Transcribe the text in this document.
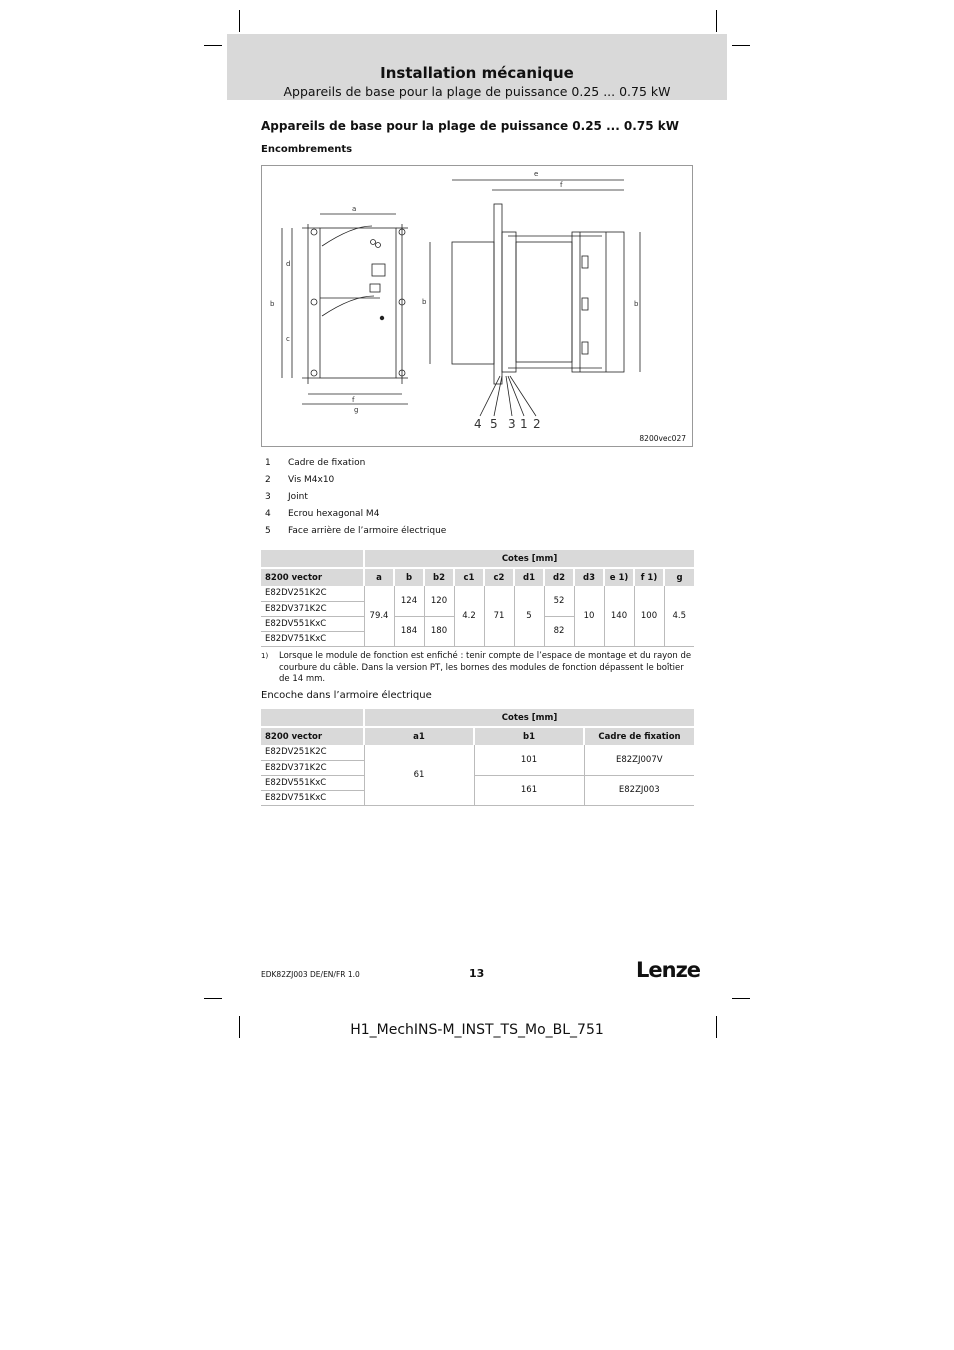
Installation mécanique
Appareils de base pour la plage de puissance 0.25 ... 0.75 kW
Appareils de base pour la plage de puissance 0.25 ... 0.75 kW
Encombrements
a
b
d
c
f
g
e
f
b	b
4 5 3 1 2
8200vec027
1 Cadre de fixation
2 Vis M4x10
3 Joint
4 Ecrou hexagonal M4
5 Face arrière de l’armoire électrique
	Cotes [mm]										
8200 vector	a	b	b2	c1	c2	d1	d2	d3	e 1)	f 1)	g
E82DV251K2C	79.4	124	120	4.2	71	5	52	10	140	100	4.5
E82DV371K2C											
E82DV551KxC		184	180				82				
E82DV751KxC											
1) Lorsque le module de fonction est enfiché : tenir compte de l’espace de montage et du rayon de courbure du câble. Dans la version PT, les bornes des modules de fonction dépassent le boîtier de 14 mm.
Encoche dans l’armoire électrique
	Cotes [mm]		
8200 vector	a1	b1	Cadre de fixation
E82DV251K2C	61	101	E82ZJ007V
E82DV371K2C			
E82DV551KxC		161	E82ZJ003
E82DV751KxC			
EDK82ZJ003 DE/EN/FR 1.0	13	Lenze
H1_MechINS-M_INST_TS_Mo_BL_751
